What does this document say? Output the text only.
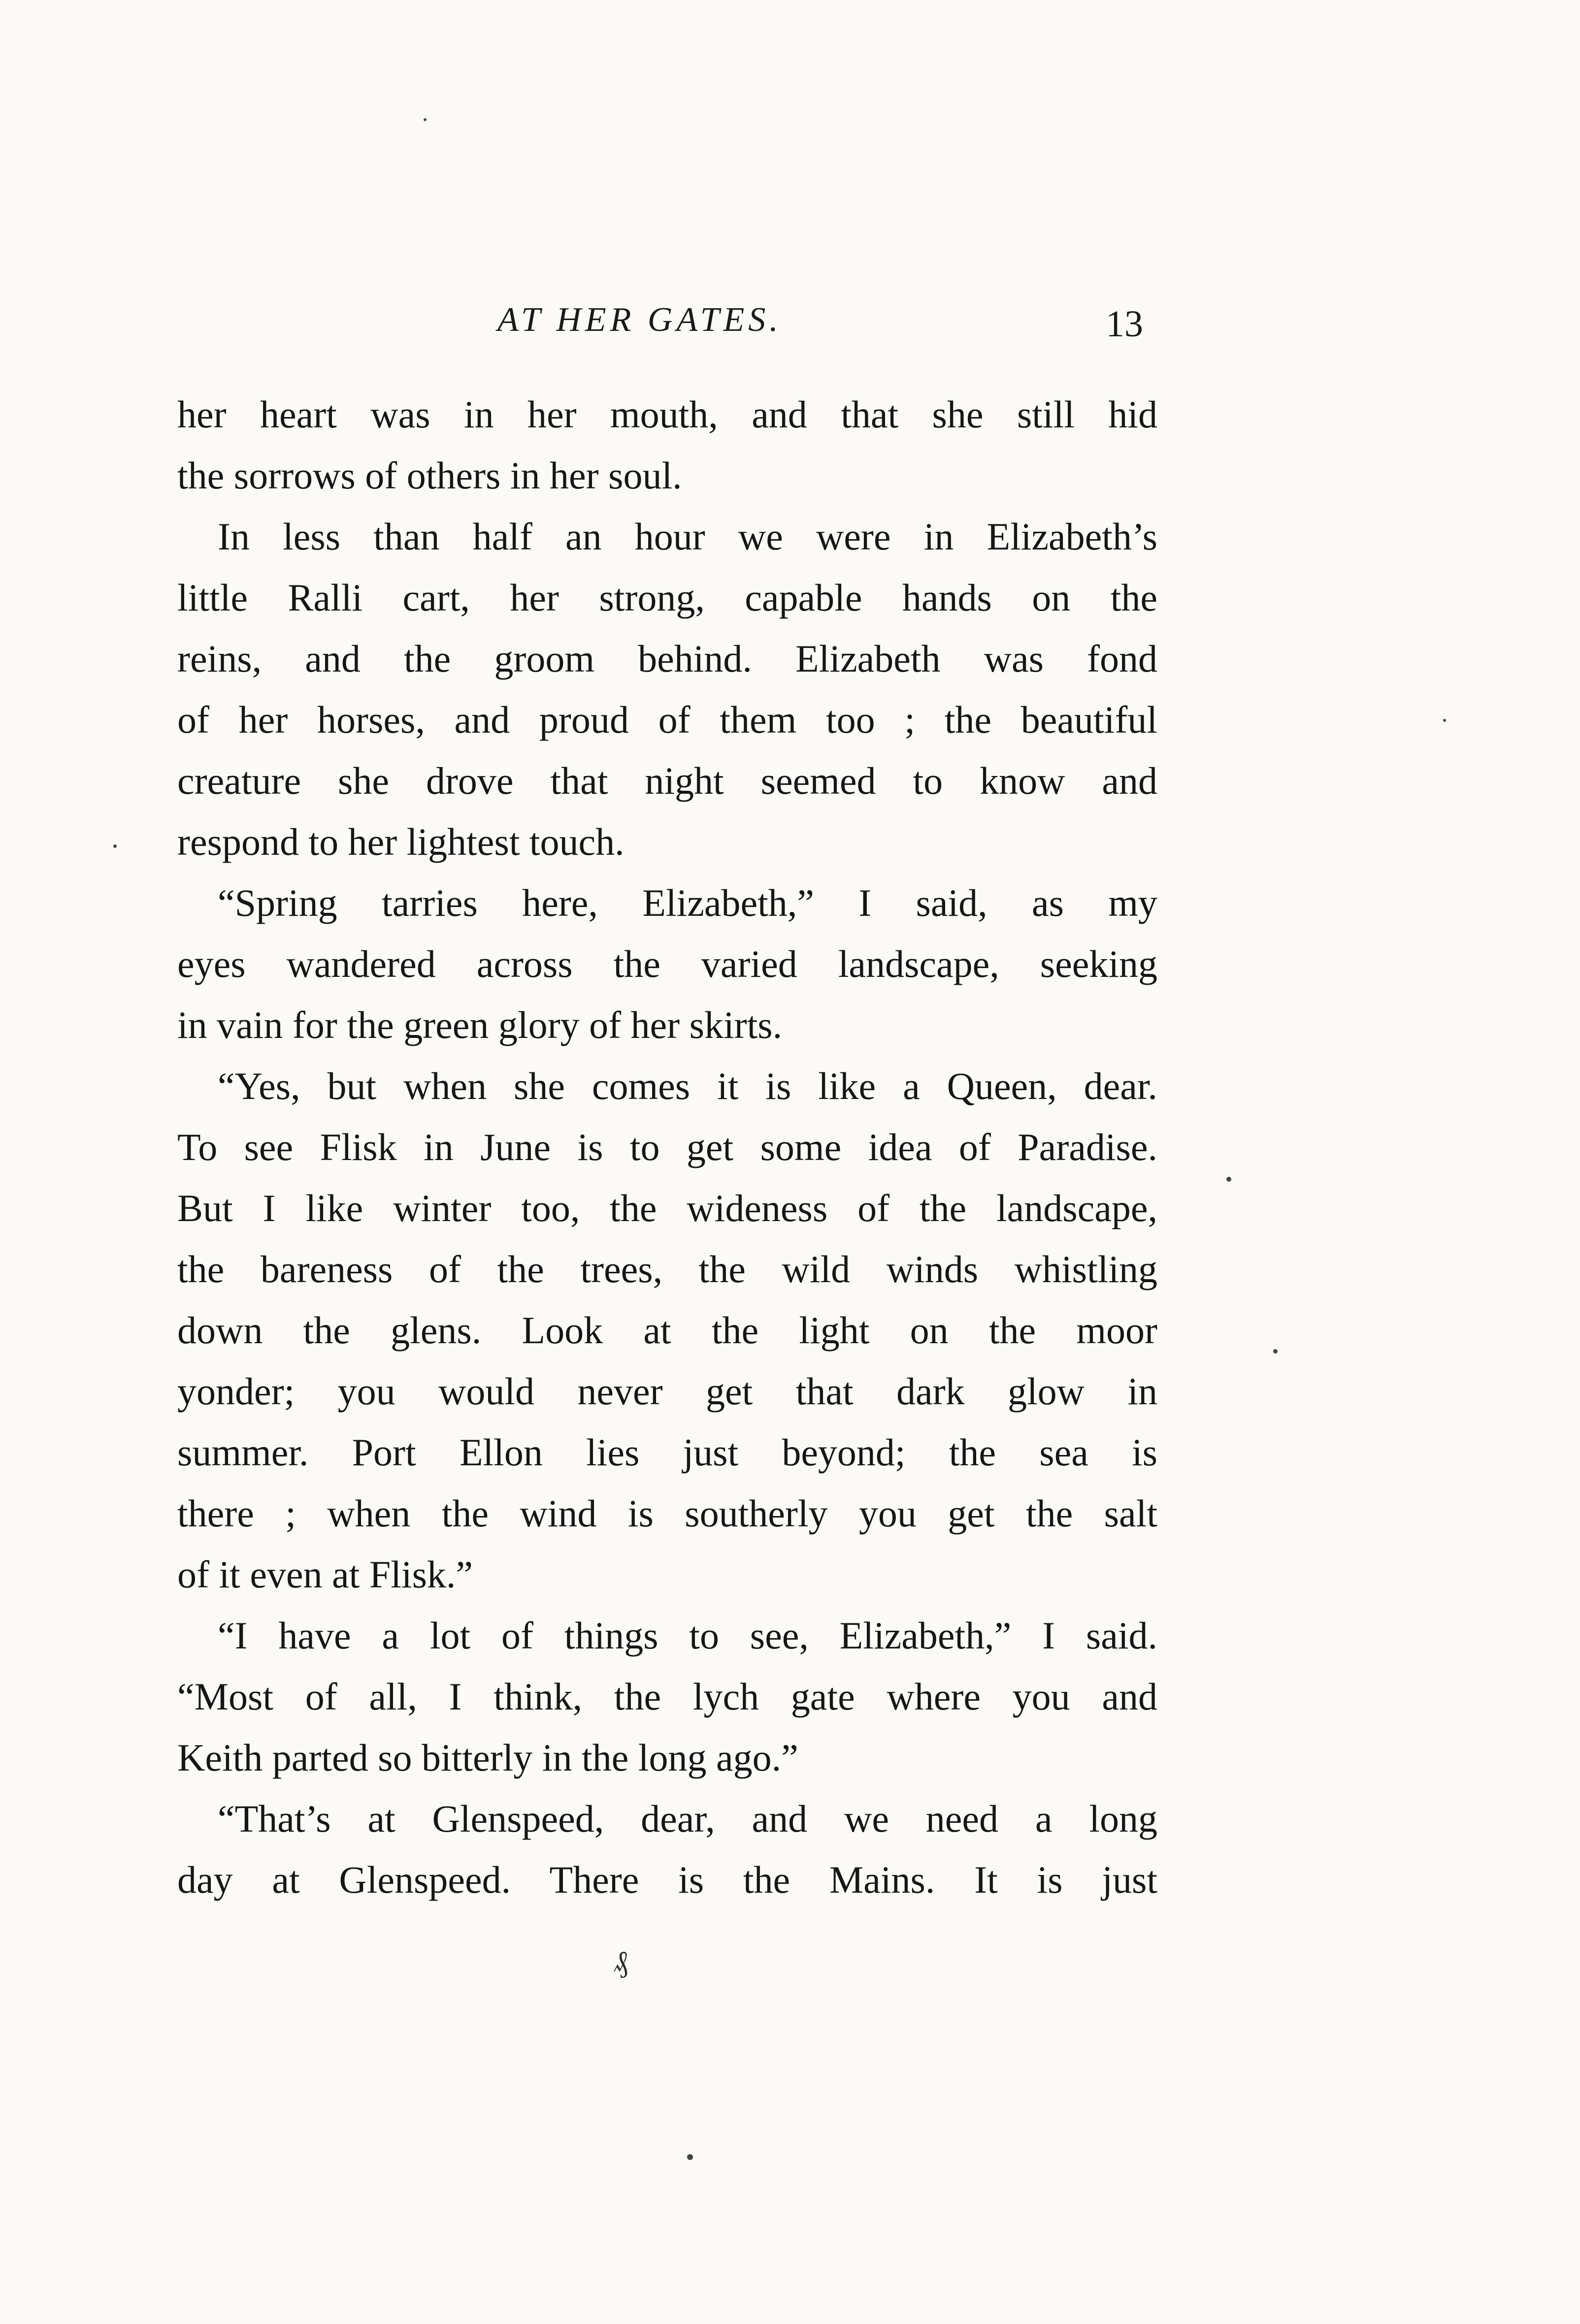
AT HER GATES.	13
her heart was in her mouth, and that she still hid
the sorrows of others in her soul.
In less than half an hour we were in Elizabeth’s
little Ralli cart, her strong, capable hands on the
reins, and the groom behind. Elizabeth was fond
of her horses, and proud of them too ; the beautiful
creature she drove that night seemed to know and
respond to her lightest touch.
“Spring tarries here, Elizabeth,” I said, as my
eyes wandered across the varied landscape, seeking
in vain for the green glory of her skirts.
“Yes, but when she comes it is like a Queen, dear.
To see Flisk in June is to get some idea of Paradise.
But I like winter too, the wideness of the landscape,
the bareness of the trees, the wild winds whistling
down the glens. Look at the light on the moor
yonder; you would never get that dark glow in
summer. Port Ellon lies just beyond; the sea is
there ; when the wind is southerly you get the salt
of it even at Flisk.”
“I have a lot of things to see, Elizabeth,” I said.
“Most of all, I think, the lych gate where you and
Keith parted so bitterly in the long ago.”
“That’s at Glenspeed, dear, and we need a long
day at Glenspeed. There is the Mains. It is just
₰
